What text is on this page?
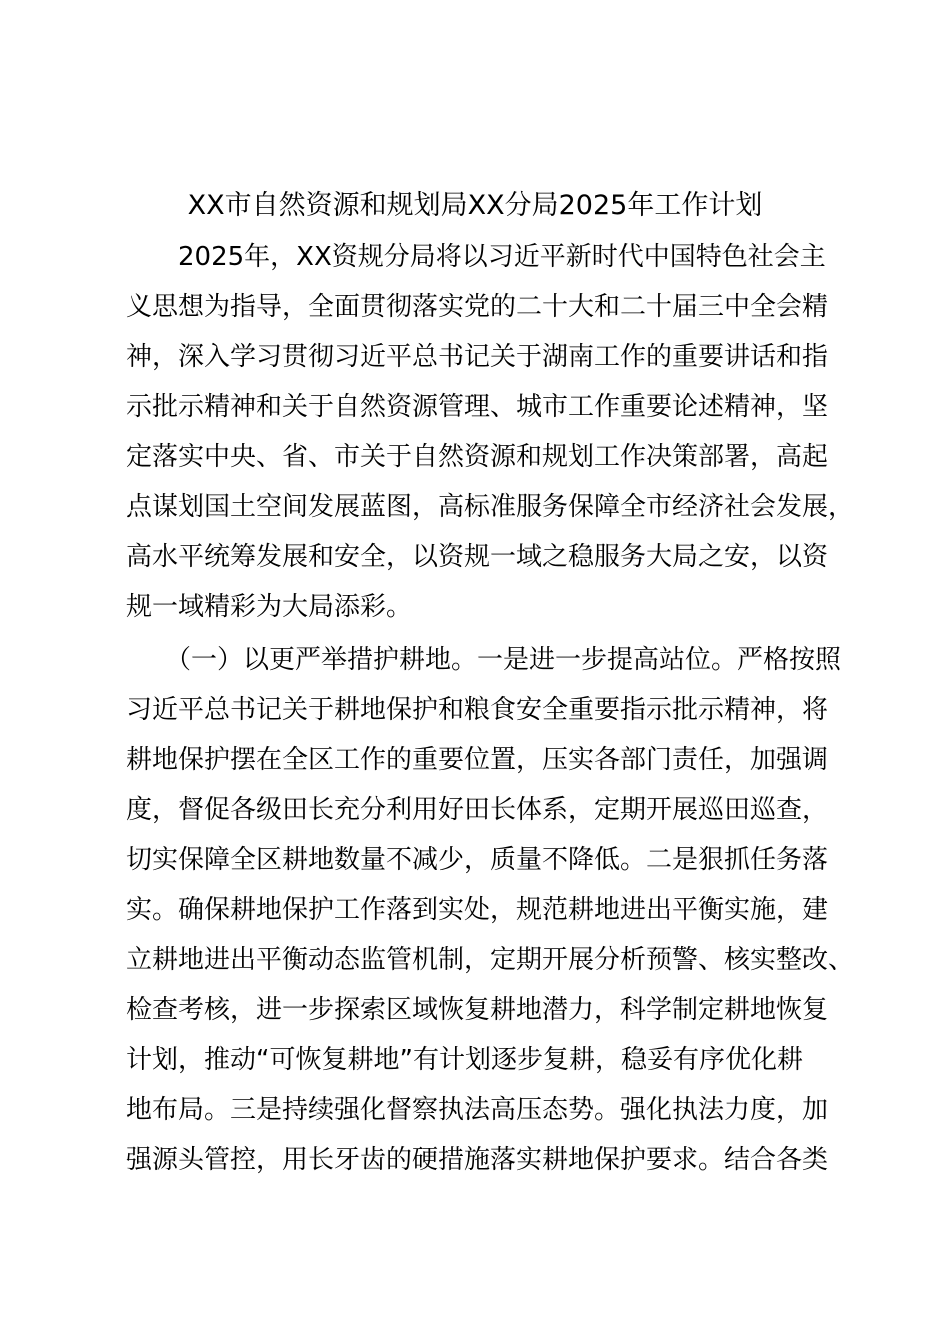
XX市自然资源和规划局XX分局2025年工作计划
　　2025年，XX资规分局将以习近平新时代中国特色社会主
义思想为指导，全面贯彻落实党的二十大和二十届三中全会精
神，深入学习贯彻习近平总书记关于湖南工作的重要讲话和指
示批示精神和关于自然资源管理、城市工作重要论述精神，坚
定落实中央、省、市关于自然资源和规划工作决策部署，高起
点谋划国土空间发展蓝图，高标准服务保障全市经济社会发展，
高水平统筹发展和安全，以资规一域之稳服务大局之安，以资
规一域精彩为大局添彩。
　　（一）以更严举措护耕地。一是进一步提高站位。严格按照
习近平总书记关于耕地保护和粮食安全重要指示批示精神，将
耕地保护摆在全区工作的重要位置，压实各部门责任，加强调
度，督促各级田长充分利用好田长体系，定期开展巡田巡查，
切实保障全区耕地数量不减少，质量不降低。二是狠抓任务落
实。确保耕地保护工作落到实处，规范耕地进出平衡实施，建
立耕地进出平衡动态监管机制，定期开展分析预警、核实整改、
检查考核，进一步探索区域恢复耕地潜力，科学制定耕地恢复
计划，推动“可恢复耕地”有计划逐步复耕，稳妥有序优化耕
地布局。三是持续强化督察执法高压态势。强化执法力度，加
强源头管控，用长牙齿的硬措施落实耕地保护要求。结合各类
